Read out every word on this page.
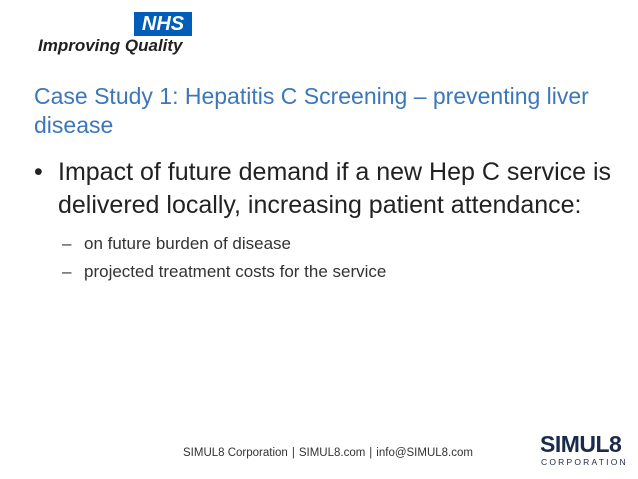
NHS
Improving Quality
Case Study 1: Hepatitis C Screening – preventing liver disease
• Impact of future demand if a new Hep C service is delivered locally, increasing patient attendance:
– on future burden of disease
– projected treatment costs for the service
SIMUL8 Corporation | SIMUL8.com | info@SIMUL8.com	SIMUL8
CORPORATION
